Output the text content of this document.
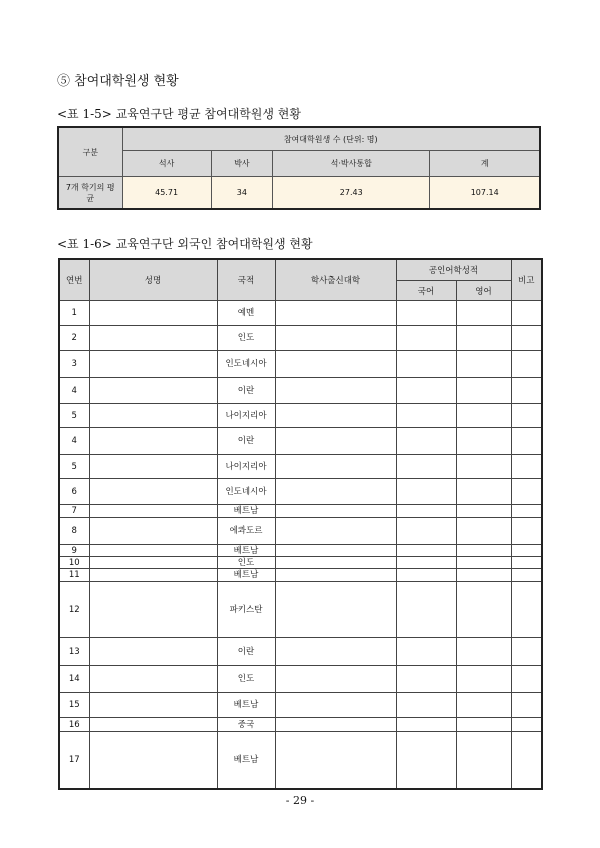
⑤ 참여대학원생 현황
<표 1-5> 교육연구단 평균 참여대학원생 현황
구분	참여대학원생 수 (단위: 명)			
	석사	박사	석·박사통합	계
7개 학기의 평균	45.71	34	27.43	107.14
<표 1-6> 교육연구단 외국인 참여대학원생 현황
연번	성명	국적	학사출신대학	공인어학성적		비고
				국어	영어	
1		예멘				
2		인도				
3		인도네시아				
4		이란				
5		나이지리아				
4		이란				
5		나이지리아				
6		인도네시아				
7		베트남				
8		에콰도르				
9		베트남				
10		인도				
11		베트남				
12		파키스탄				
13		이란				
14		인도				
15		베트남				
16		중국				
17		베트남				
- 29 -
